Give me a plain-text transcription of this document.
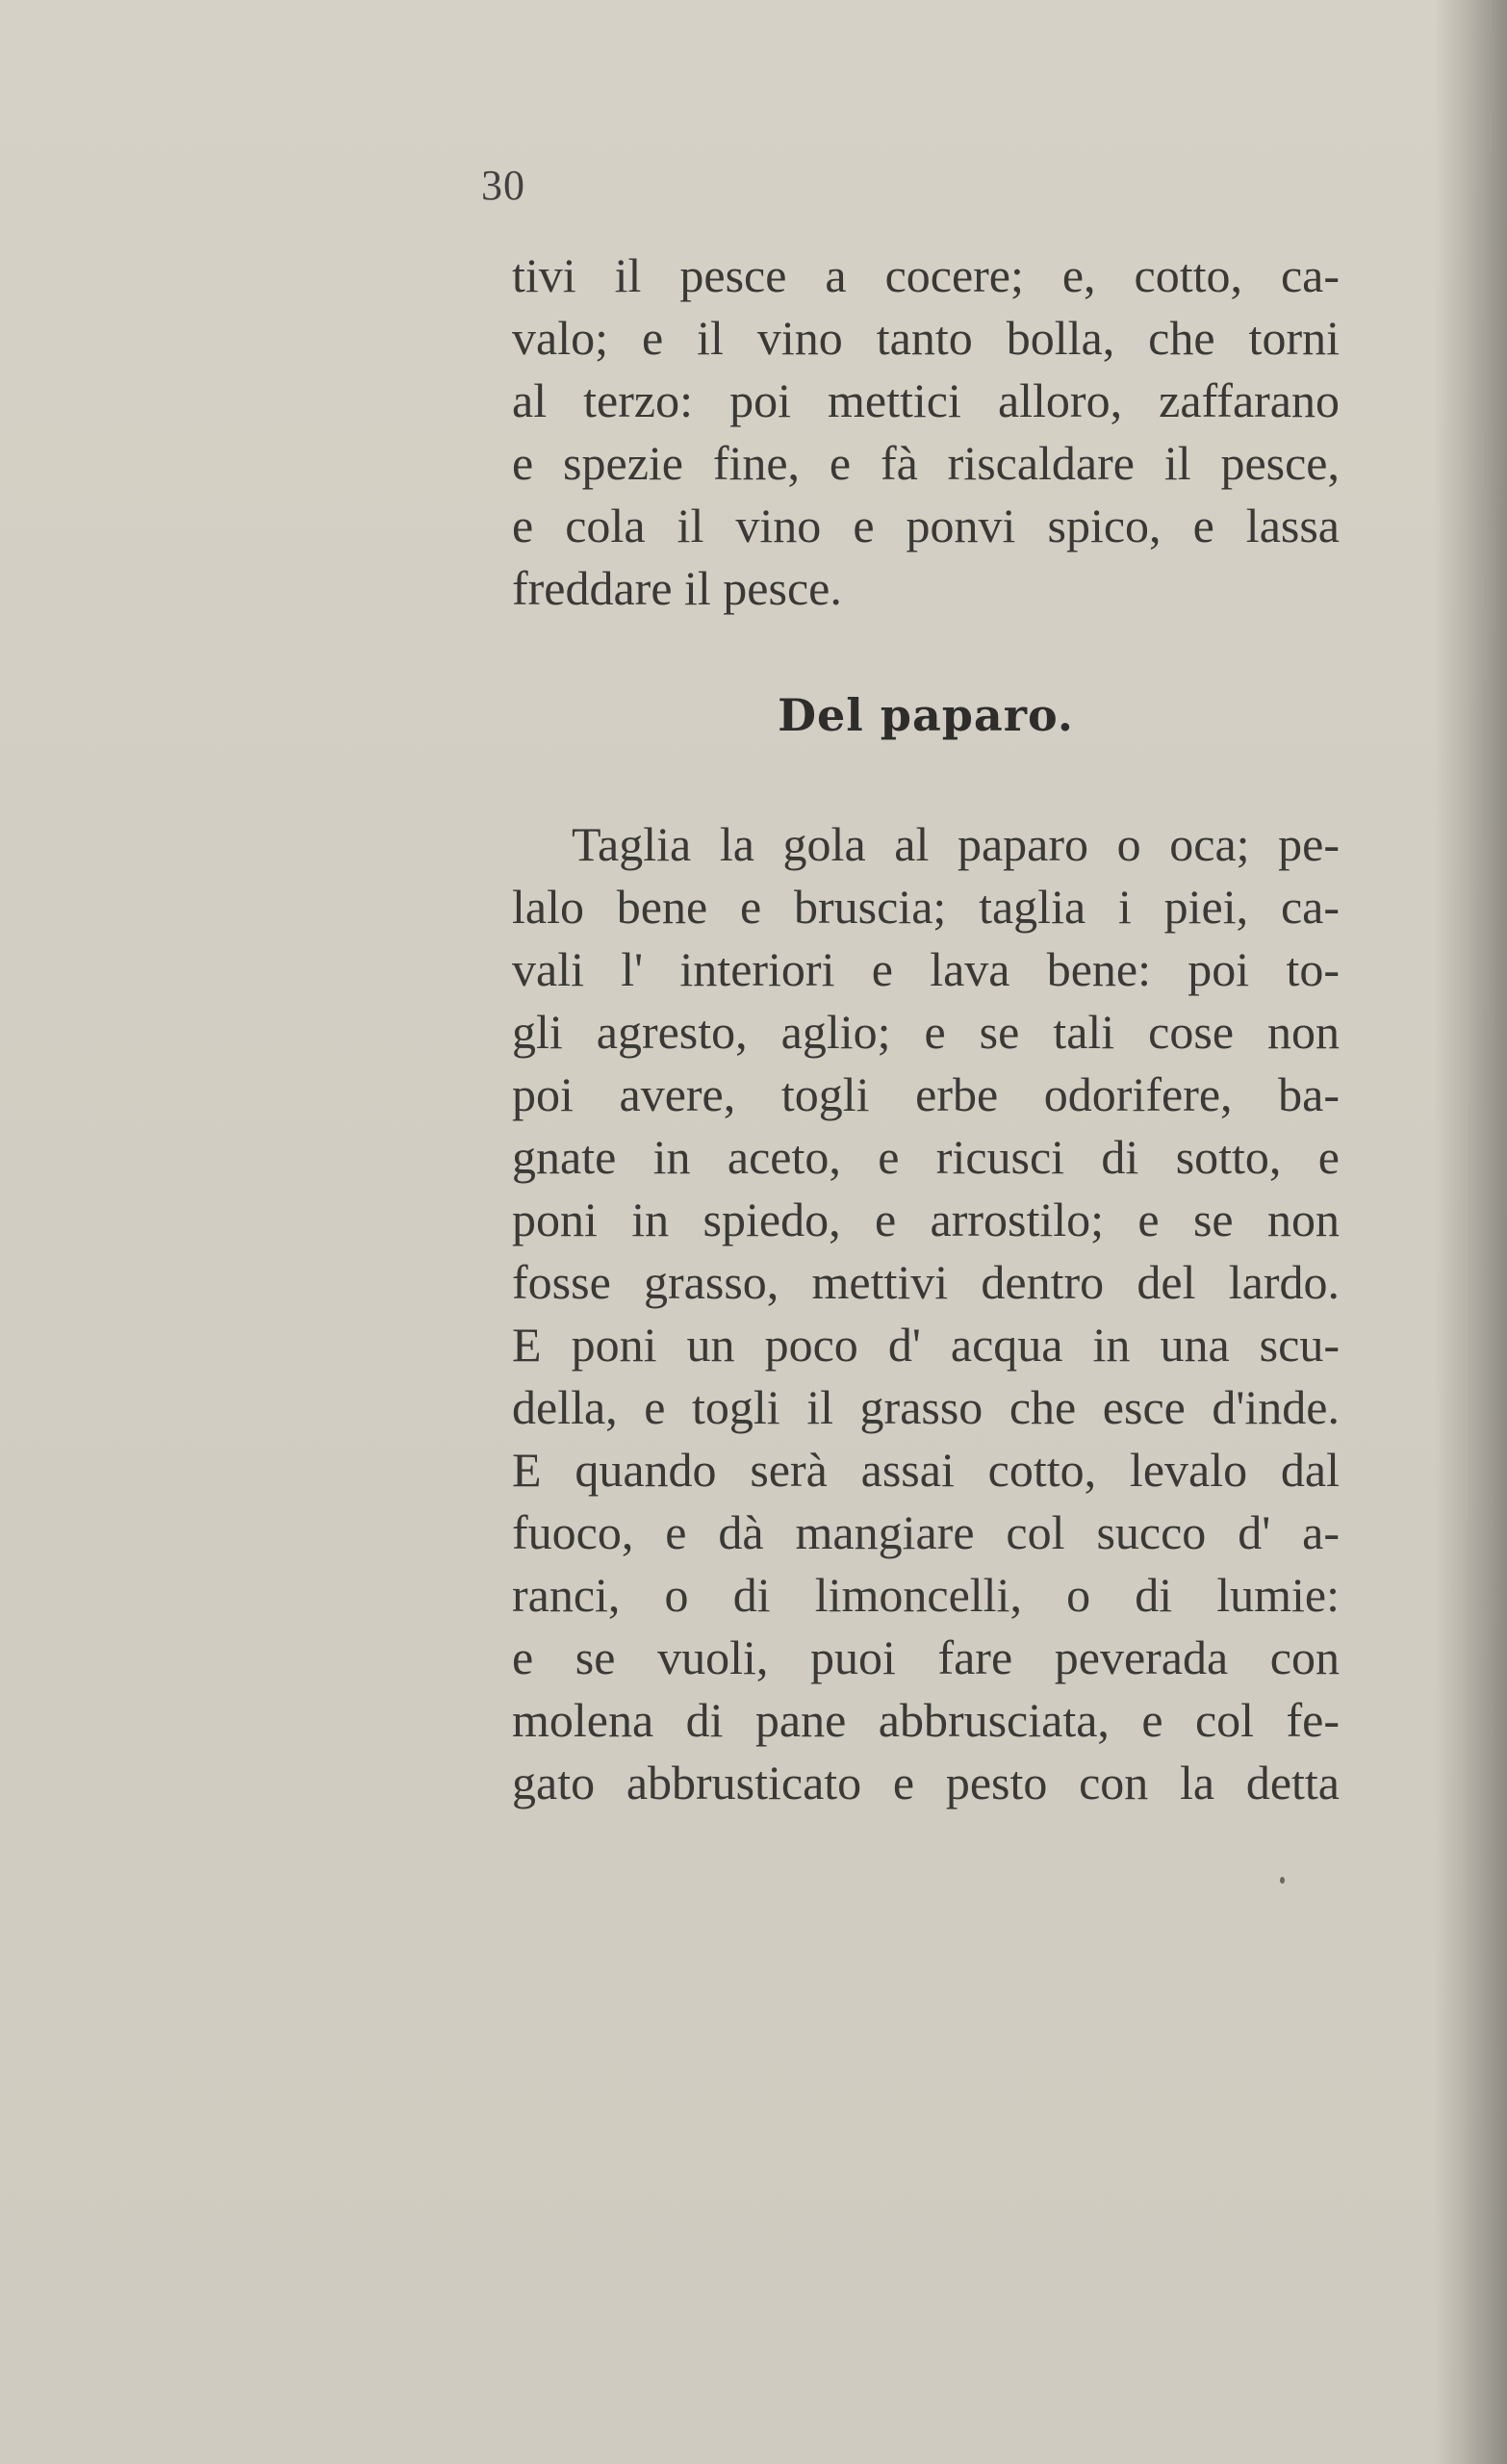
30
tivi il pesce a cocere; e, cotto, ca-
valo; e il vino tanto bolla, che torni
al terzo: poi mettici alloro, zaffarano
e spezie fine, e fà riscaldare il pesce,
e cola il vino e ponvi spico, e lassa
freddare il pesce.
Del paparo.
Taglia la gola al paparo o oca; pe-
lalo bene e bruscia; taglia i piei, ca-
vali l' interiori e lava bene: poi to-
gli agresto, aglio; e se tali cose non
poi avere, togli erbe odorifere, ba-
gnate in aceto, e ricusci di sotto, e
poni in spiedo, e arrostilo; e se non
fosse grasso, mettivi dentro del lardo.
E poni un poco d' acqua in una scu-
della, e togli il grasso che esce d'inde.
E quando serà assai cotto, levalo dal
fuoco, e dà mangiare col succo d' a-
ranci, o di limoncelli, o di lumie:
e se vuoli, puoi fare peverada con
molena di pane abbrusciata, e col fe-
gato abbrusticato e pesto con la detta
